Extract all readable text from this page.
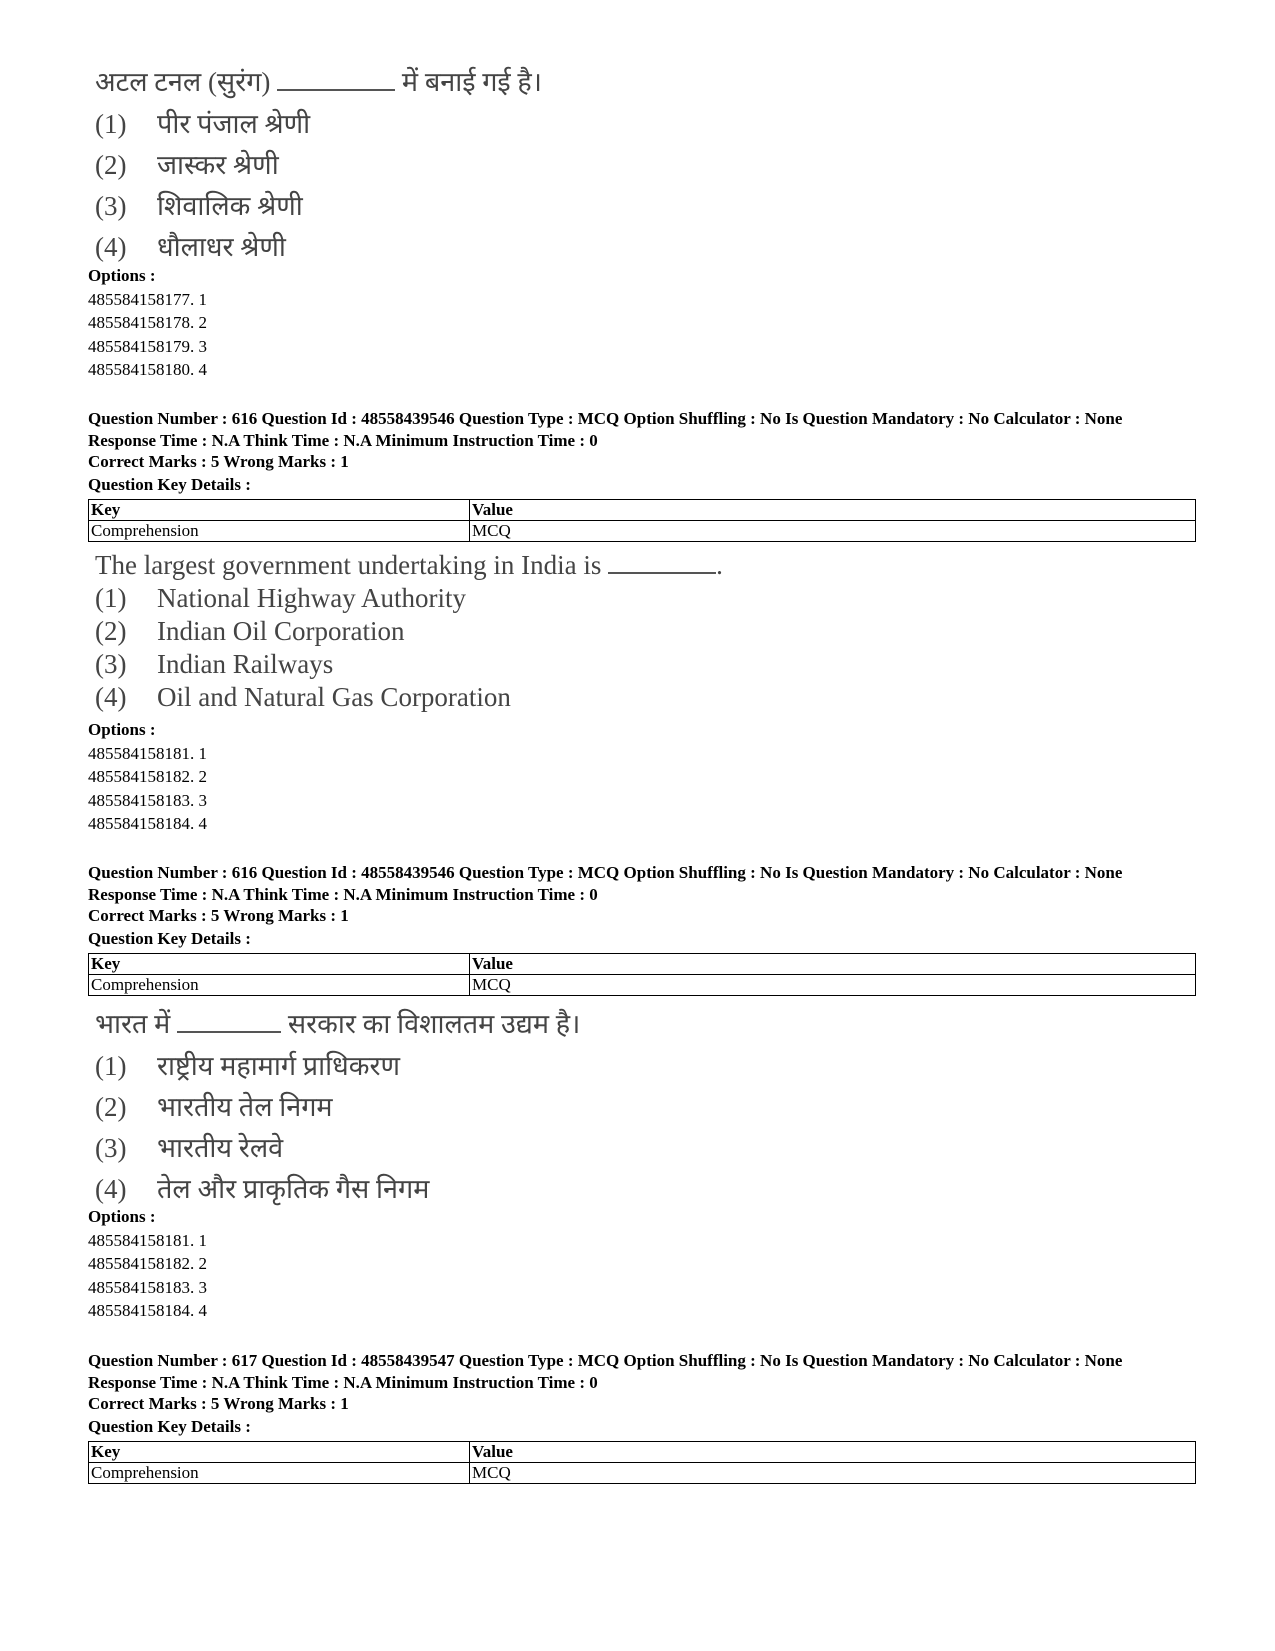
अटल टनल (सुरंग)	में बनाई गई है।
(1)	पीर पंजाल श्रेणी
(2)	जास्कर श्रेणी
(3)	शिवालिक श्रेणी
(4)	धौलाधर श्रेणी
Options :
485584158177. 1
485584158178. 2
485584158179. 3
485584158180. 4
Question Number : 616 Question Id : 48558439546 Question Type : MCQ Option Shuffling : No Is Question Mandatory : No Calculator : None
Response Time : N.A Think Time : N.A Minimum Instruction Time : 0
Correct Marks : 5 Wrong Marks : 1
Question Key Details :
Key	Value
Comprehension	MCQ
The largest government undertaking in India is	.
(1)	National Highway Authority
(2)	Indian Oil Corporation
(3)	Indian Railways
(4)	Oil and Natural Gas Corporation
Options :
485584158181. 1
485584158182. 2
485584158183. 3
485584158184. 4
Question Number : 616 Question Id : 48558439546 Question Type : MCQ Option Shuffling : No Is Question Mandatory : No Calculator : None
Response Time : N.A Think Time : N.A Minimum Instruction Time : 0
Correct Marks : 5 Wrong Marks : 1
Question Key Details :
Key	Value
Comprehension	MCQ
भारत में	सरकार का विशालतम उद्यम है।
(1)	राष्ट्रीय महामार्ग प्राधिकरण
(2)	भारतीय तेल निगम
(3)	भारतीय रेलवे
(4)	तेल और प्राकृतिक गैस निगम
Options :
485584158181. 1
485584158182. 2
485584158183. 3
485584158184. 4
Question Number : 617 Question Id : 48558439547 Question Type : MCQ Option Shuffling : No Is Question Mandatory : No Calculator : None
Response Time : N.A Think Time : N.A Minimum Instruction Time : 0
Correct Marks : 5 Wrong Marks : 1
Question Key Details :
Key	Value
Comprehension	MCQ
